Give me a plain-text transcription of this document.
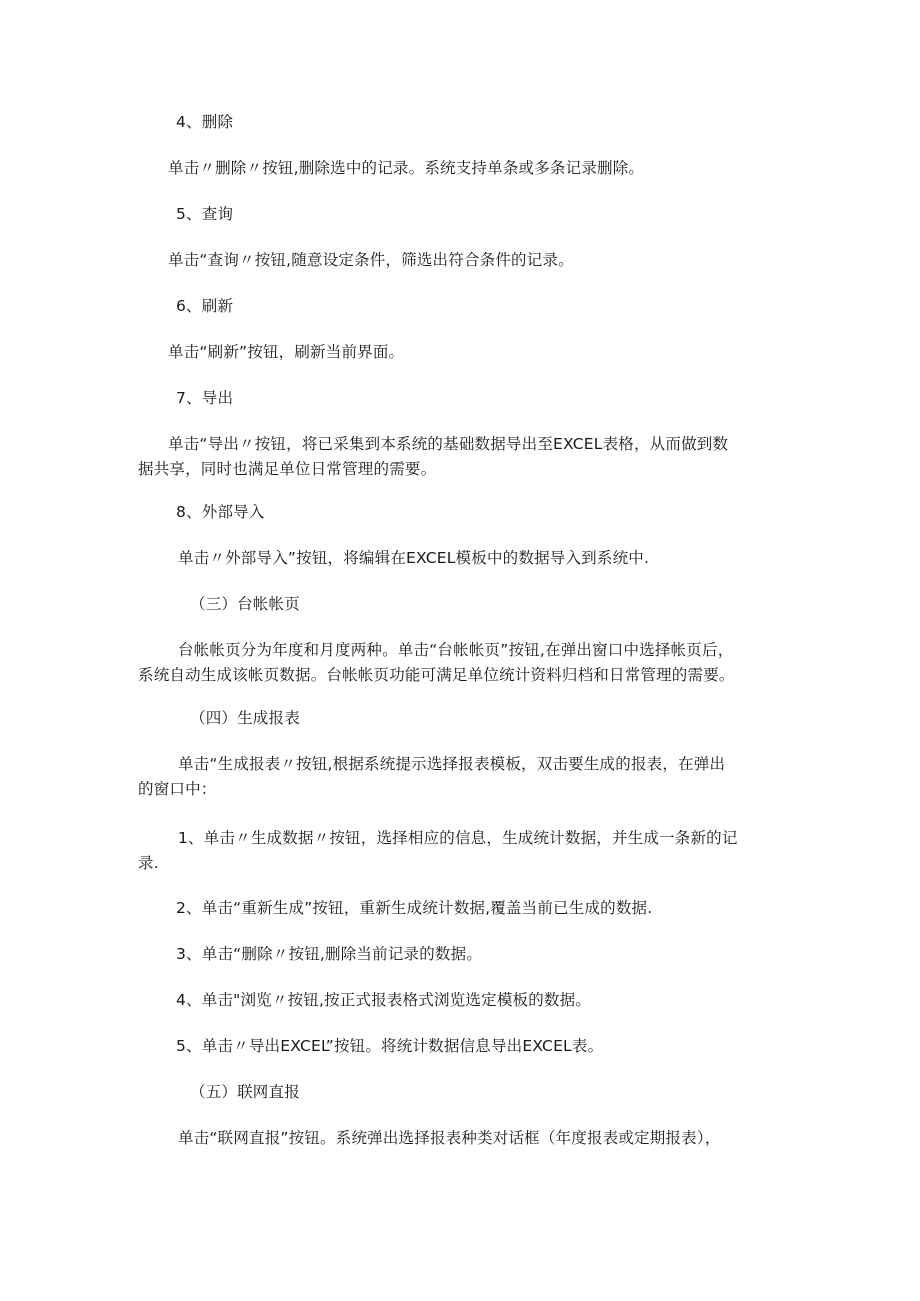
4、删除

单击〃删除〃按钮,删除选中的记录。系统支持单条或多条记录删除。

5、查询

单击“查询〃按钮,随意设定条件，筛选出符合条件的记录。

6、刷新

单击“刷新”按钮，刷新当前界面。

7、导出

单击“导出〃按钮，将已采集到本系统的基础数据导出至EXCEL表格，从而做到数

据共享，同时也满足单位日常管理的需要。

8、外部导入

单击〃外部导入”按钮，将编辑在EXCEL模板中的数据导入到系统中.

（三）台帐帐页

台帐帐页分为年度和月度两种。单击“台帐帐页”按钮,在弹出窗口中选择帐页后，

系统自动生成该帐页数据。台帐帐页功能可满足单位统计资料归档和日常管理的需要。

（四）生成报表

单击“生成报表〃按钮,根据系统提示选择报表模板，双击要生成的报表，在弹出

的窗口中：

1、单击〃生成数据〃按钮，选择相应的信息，生成统计数据，并生成一条新的记

录.

2、单击“重新生成”按钮，重新生成统计数据,覆盖当前已生成的数据.

3、单击“删除〃按钮,删除当前记录的数据。

4、单击"浏览〃按钮,按正式报表格式浏览选定模板的数据。

5、单击〃导出EXCEL”按钮。将统计数据信息导出EXCEL表。

（五）联网直报

单击“联网直报”按钮。系统弹出选择报表种类对话框（年度报表或定期报表），
